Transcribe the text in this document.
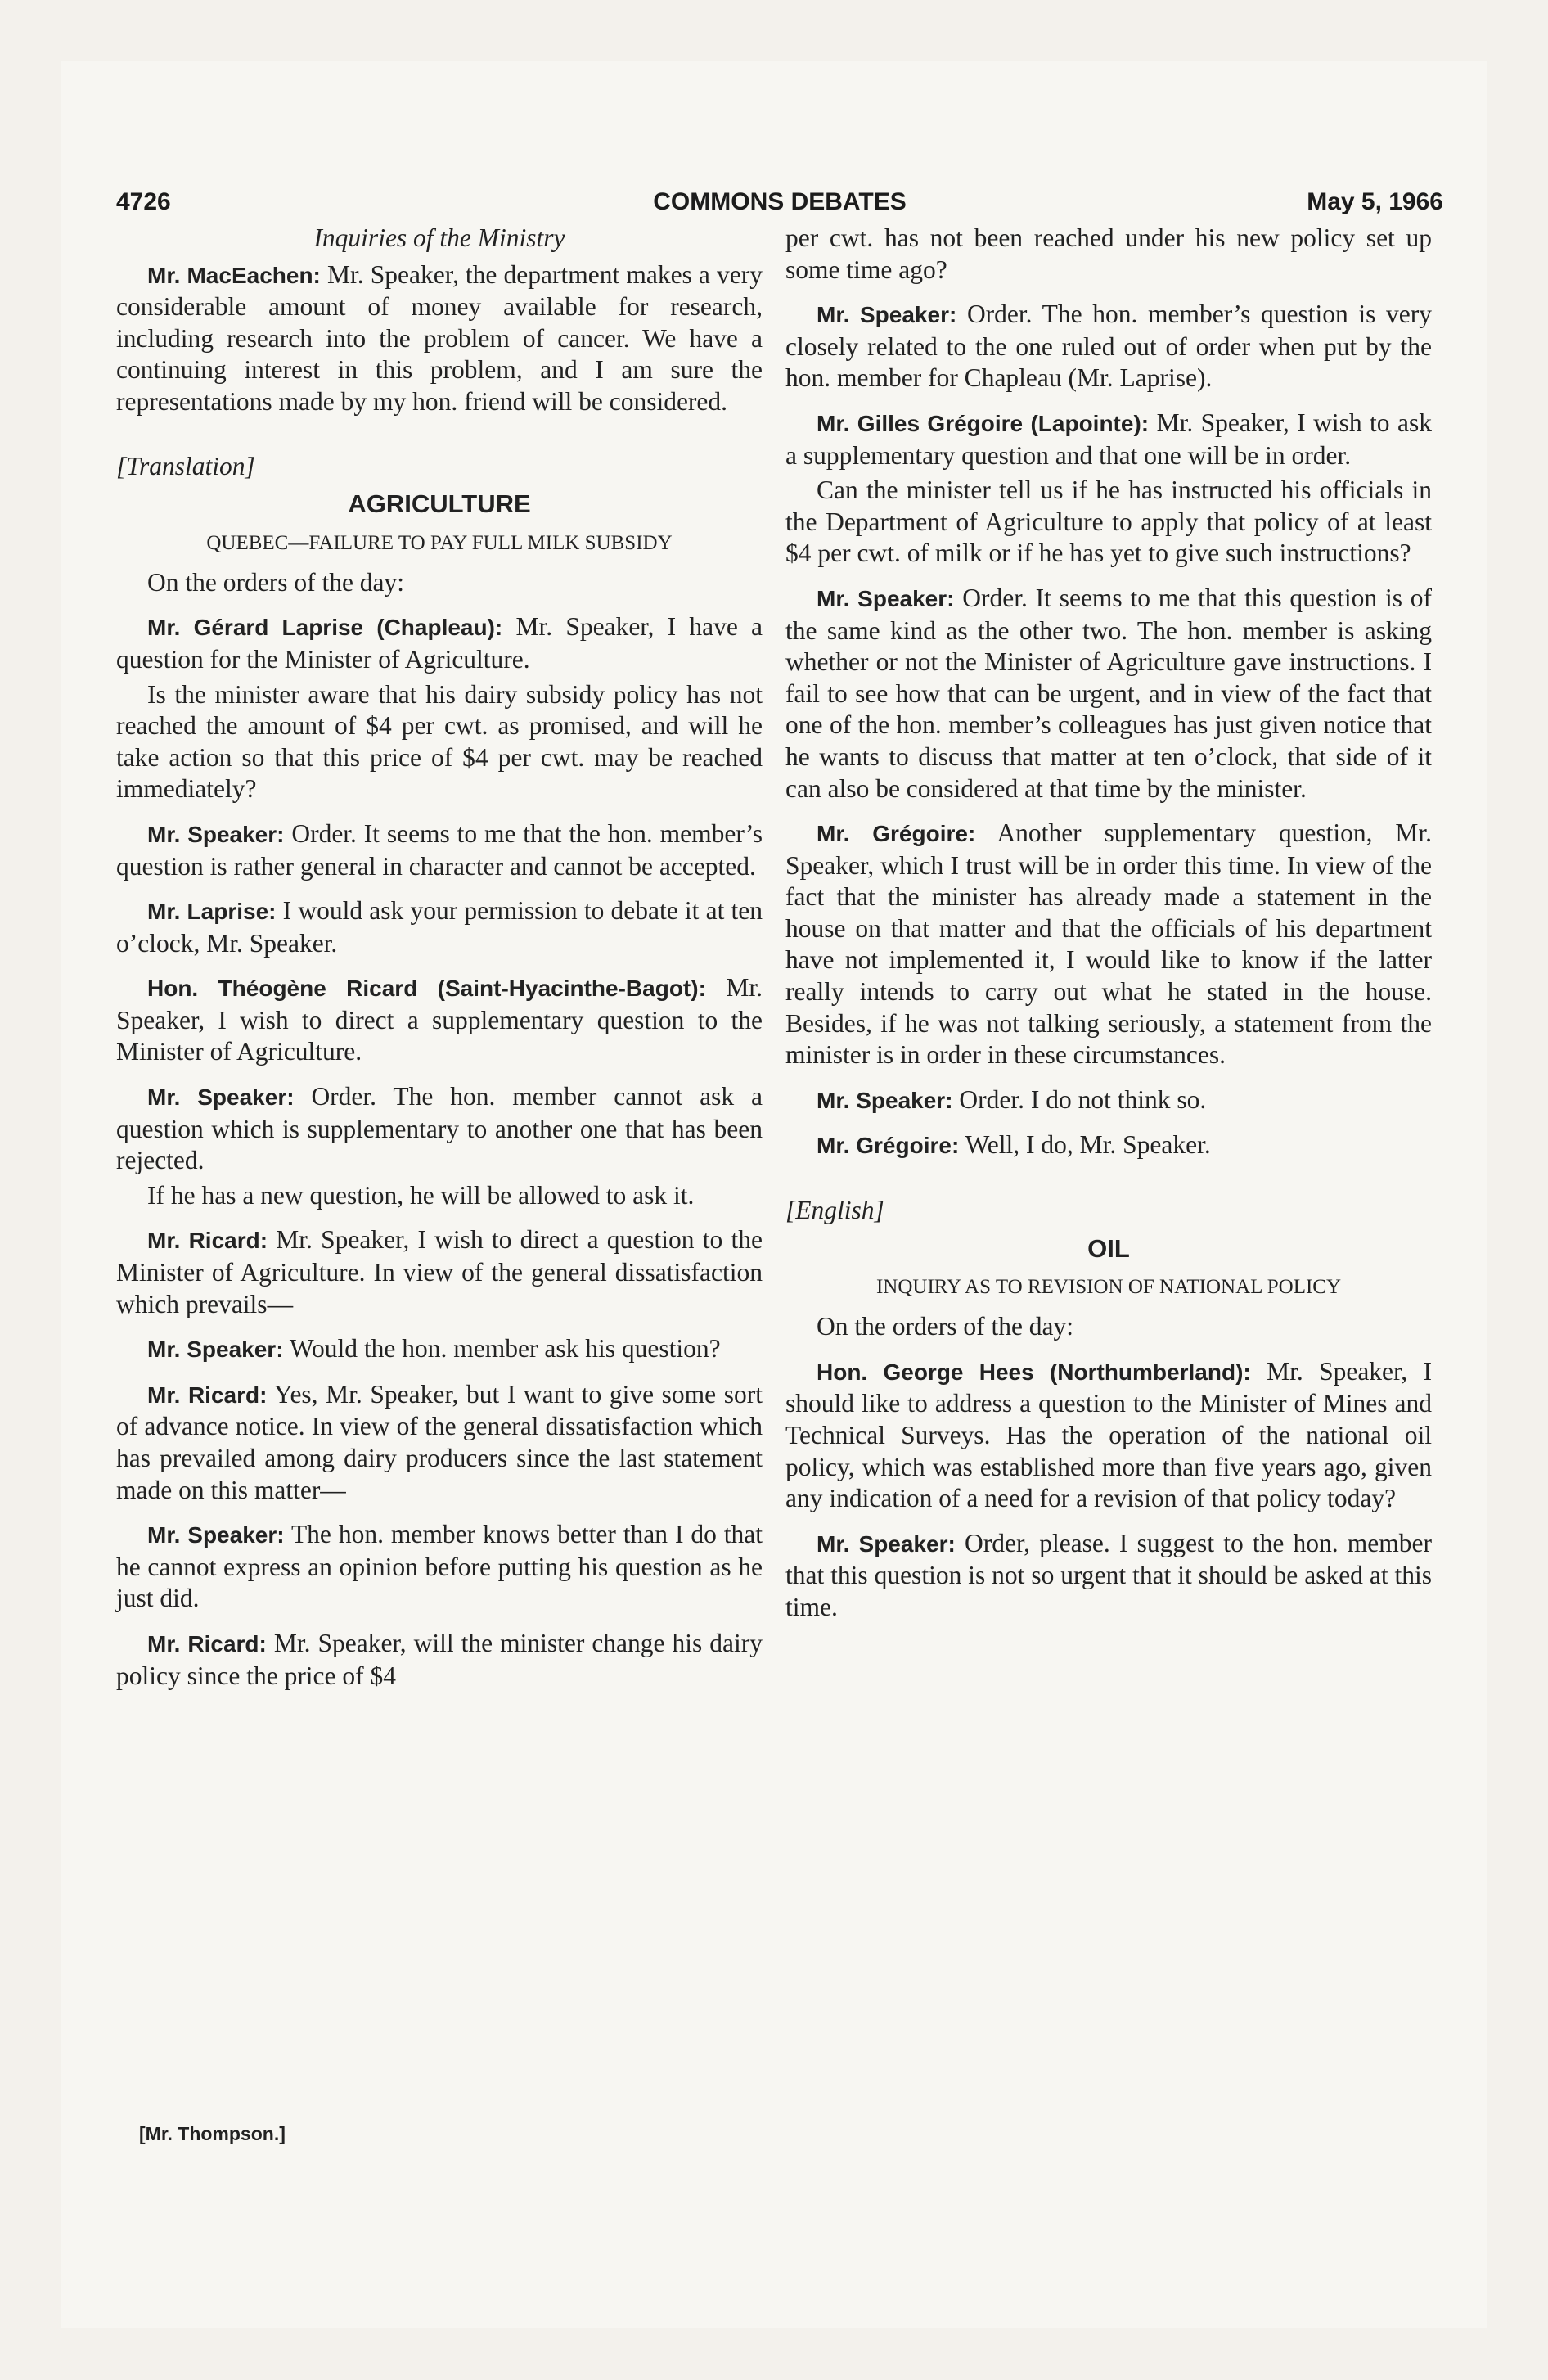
4726	COMMONS DEBATES	May 5, 1966
Inquiries of the Ministry

Mr. MacEachen: Mr. Speaker, the department makes a very considerable amount of money available for research, including research into the problem of cancer. We have a continuing interest in this problem, and I am sure the representations made by my hon. friend will be considered.

[Translation]
AGRICULTURE
QUEBEC—FAILURE TO PAY FULL MILK SUBSIDY
On the orders of the day:

Mr. Gérard Laprise (Chapleau): Mr. Speaker, I have a question for the Minister of Agriculture.

Is the minister aware that his dairy subsidy policy has not reached the amount of $4 per cwt. as promised, and will he take action so that this price of $4 per cwt. may be reached immediately?

Mr. Speaker: Order. It seems to me that the hon. member’s question is rather general in character and cannot be accepted.

Mr. Laprise: I would ask your permission to debate it at ten o’clock, Mr. Speaker.

Hon. Théogène Ricard (Saint-Hyacinthe-Bagot): Mr. Speaker, I wish to direct a supplementary question to the Minister of Agriculture.

Mr. Speaker: Order. The hon. member cannot ask a question which is supplementary to another one that has been rejected.

If he has a new question, he will be allowed to ask it.

Mr. Ricard: Mr. Speaker, I wish to direct a question to the Minister of Agriculture. In view of the general dissatisfaction which prevails—

Mr. Speaker: Would the hon. member ask his question?

Mr. Ricard: Yes, Mr. Speaker, but I want to give some sort of advance notice. In view of the general dissatisfaction which has prevailed among dairy producers since the last statement made on this matter—

Mr. Speaker: The hon. member knows better than I do that he cannot express an opinion before putting his question as he just did.

Mr. Ricard: Mr. Speaker, will the minister change his dairy policy since the price of $4

[Mr. Thompson.]

per cwt. has not been reached under his new policy set up some time ago?

Mr. Speaker: Order. The hon. member’s question is very closely related to the one ruled out of order when put by the hon. member for Chapleau (Mr. Laprise).

Mr. Gilles Grégoire (Lapointe): Mr. Speaker, I wish to ask a supplementary question and that one will be in order.

Can the minister tell us if he has instructed his officials in the Department of Agriculture to apply that policy of at least $4 per cwt. of milk or if he has yet to give such instructions?

Mr. Speaker: Order. It seems to me that this question is of the same kind as the other two. The hon. member is asking whether or not the Minister of Agriculture gave instructions. I fail to see how that can be urgent, and in view of the fact that one of the hon. member’s colleagues has just given notice that he wants to discuss that matter at ten o’clock, that side of it can also be considered at that time by the minister.

Mr. Grégoire: Another supplementary question, Mr. Speaker, which I trust will be in order this time. In view of the fact that the minister has already made a statement in the house on that matter and that the officials of his department have not implemented it, I would like to know if the latter really intends to carry out what he stated in the house. Besides, if he was not talking seriously, a statement from the minister is in order in these circumstances.

Mr. Speaker: Order. I do not think so.

Mr. Grégoire: Well, I do, Mr. Speaker.

[English]
OIL
INQUIRY AS TO REVISION OF NATIONAL POLICY
On the orders of the day:

Hon. George Hees (Northumberland): Mr. Speaker, I should like to address a question to the Minister of Mines and Technical Surveys. Has the operation of the national oil policy, which was established more than five years ago, given any indication of a need for a revision of that policy today?

Mr. Speaker: Order, please. I suggest to the hon. member that this question is not so urgent that it should be asked at this time.
